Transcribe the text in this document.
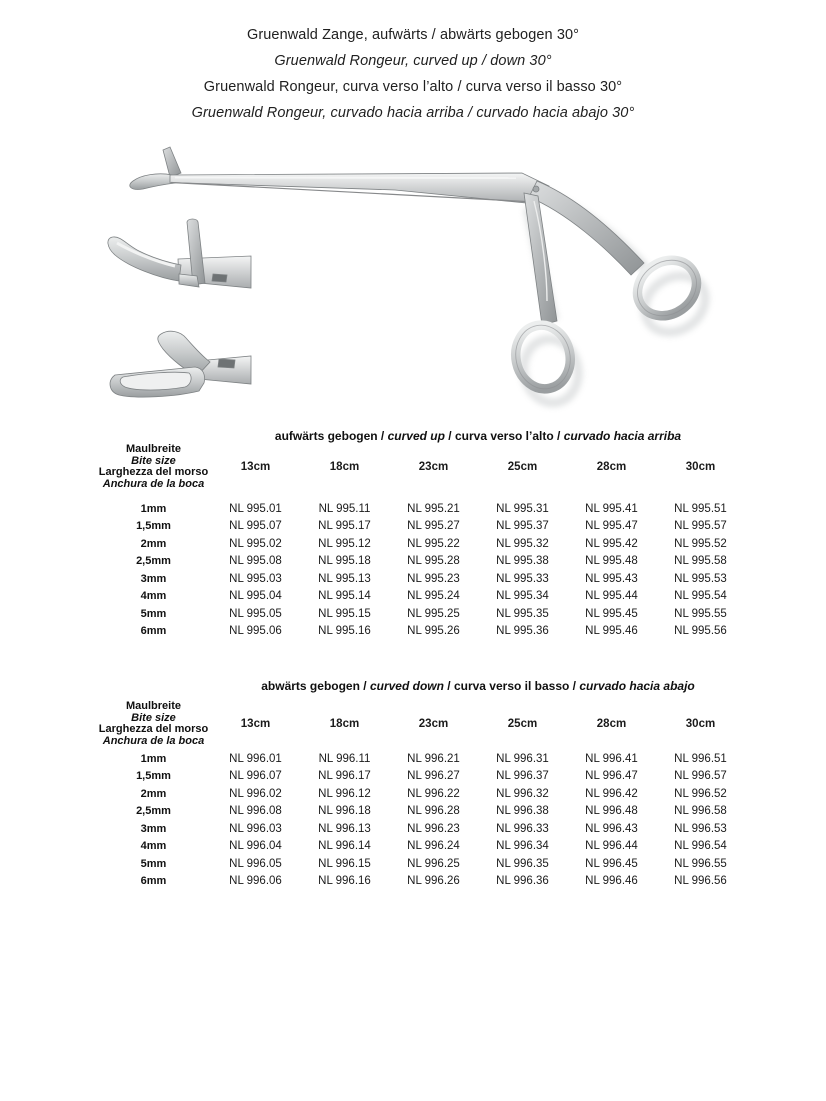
Gruenwald Zange, aufwärts / abwärts gebogen 30°
Gruenwald Rongeur, curved up / down 30°
Gruenwald Rongeur, curva verso l’alto / curva verso il basso 30°
Gruenwald Rongeur, curvado hacia arriba / curvado hacia abajo 30°
aufwärts gebogen / curved up / curva verso l’alto / curvado hacia arriba
Maulbreite
Bite size
Larghezza del morso
Anchura de la boca
13cm	18cm	23cm	25cm	28cm	30cm
1mm	NL 995.01	NL 995.11	NL 995.21	NL 995.31	NL 995.41	NL 995.51
1,5mm	NL 995.07	NL 995.17	NL 995.27	NL 995.37	NL 995.47	NL 995.57
2mm	NL 995.02	NL 995.12	NL 995.22	NL 995.32	NL 995.42	NL 995.52
2,5mm	NL 995.08	NL 995.18	NL 995.28	NL 995.38	NL 995.48	NL 995.58
3mm	NL 995.03	NL 995.13	NL 995.23	NL 995.33	NL 995.43	NL 995.53
4mm	NL 995.04	NL 995.14	NL 995.24	NL 995.34	NL 995.44	NL 995.54
5mm	NL 995.05	NL 995.15	NL 995.25	NL 995.35	NL 995.45	NL 995.55
6mm	NL 995.06	NL 995.16	NL 995.26	NL 995.36	NL 995.46	NL 995.56
abwärts gebogen / curved down / curva verso il basso / curvado hacia abajo
Maulbreite
Bite size
Larghezza del morso
Anchura de la boca
13cm	18cm	23cm	25cm	28cm	30cm
1mm	NL 996.01	NL 996.11	NL 996.21	NL 996.31	NL 996.41	NL 996.51
1,5mm	NL 996.07	NL 996.17	NL 996.27	NL 996.37	NL 996.47	NL 996.57
2mm	NL 996.02	NL 996.12	NL 996.22	NL 996.32	NL 996.42	NL 996.52
2,5mm	NL 996.08	NL 996.18	NL 996.28	NL 996.38	NL 996.48	NL 996.58
3mm	NL 996.03	NL 996.13	NL 996.23	NL 996.33	NL 996.43	NL 996.53
4mm	NL 996.04	NL 996.14	NL 996.24	NL 996.34	NL 996.44	NL 996.54
5mm	NL 996.05	NL 996.15	NL 996.25	NL 996.35	NL 996.45	NL 996.55
6mm	NL 996.06	NL 996.16	NL 996.26	NL 996.36	NL 996.46	NL 996.56
